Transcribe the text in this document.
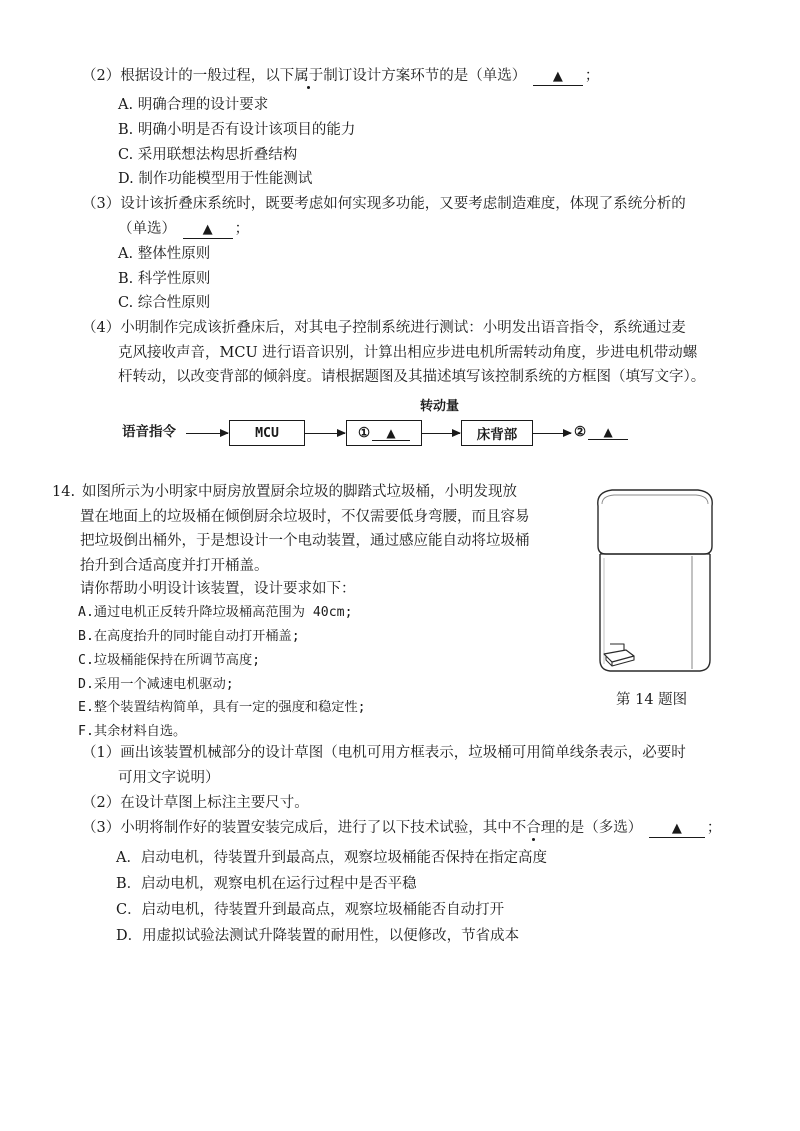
（2）根据设计的一般过程，以下属于制订设计方案环节的是（单选） ▲ ；
A. 明确合理的设计要求
B. 明确小明是否有设计该项目的能力
C. 采用联想法构思折叠结构
D. 制作功能模型用于性能测试
（3）设计该折叠床系统时，既要考虑如何实现多功能，又要考虑制造难度，体现了系统分析的
（单选） ▲ ；
A. 整体性原则
B. 科学性原则
C. 综合性原则
（4）小明制作完成该折叠床后，对其电子控制系统进行测试：小明发出语音指令，系统通过麦
克风接收声音，MCU 进行语音识别，计算出相应步进电机所需转动角度，步进电机带动螺
杆转动，以改变背部的倾斜度。请根据题图及其描述填写该控制系统的方框图（填写文字）。
转动量
语音指令	MCU	①	▲	床背部	② ▲
14. 如图所示为小明家中厨房放置厨余垃圾的脚踏式垃圾桶，小明发现放
置在地面上的垃圾桶在倾倒厨余垃圾时，不仅需要低身弯腰，而且容易
把垃圾倒出桶外，于是想设计一个电动装置，通过感应能自动将垃圾桶
抬升到合适高度并打开桶盖。
请你帮助小明设计该装置，设计要求如下：
A.通过电机正反转升降垃圾桶高范围为 40cm;
B.在高度抬升的同时能自动打开桶盖;
C.垃圾桶能保持在所调节高度;
D.采用一个减速电机驱动;
E.整个装置结构简单，具有一定的强度和稳定性;
F.其余材料自选。
第 14 题图
（1）画出该装置机械部分的设计草图（电机可用方框表示，垃圾桶可用简单线条表示，必要时
可用文字说明）
（2）在设计草图上标注主要尺寸。
（3）小明将制作好的装置安装完成后，进行了以下技术试验，其中不合理的是（多选） ▲ ；
A．启动电机，待装置升到最高点，观察垃圾桶能否保持在指定高度
B．启动电机，观察电机在运行过程中是否平稳
C．启动电机，待装置升到最高点，观察垃圾桶能否自动打开
D．用虚拟试验法测试升降装置的耐用性，以便修改，节省成本
